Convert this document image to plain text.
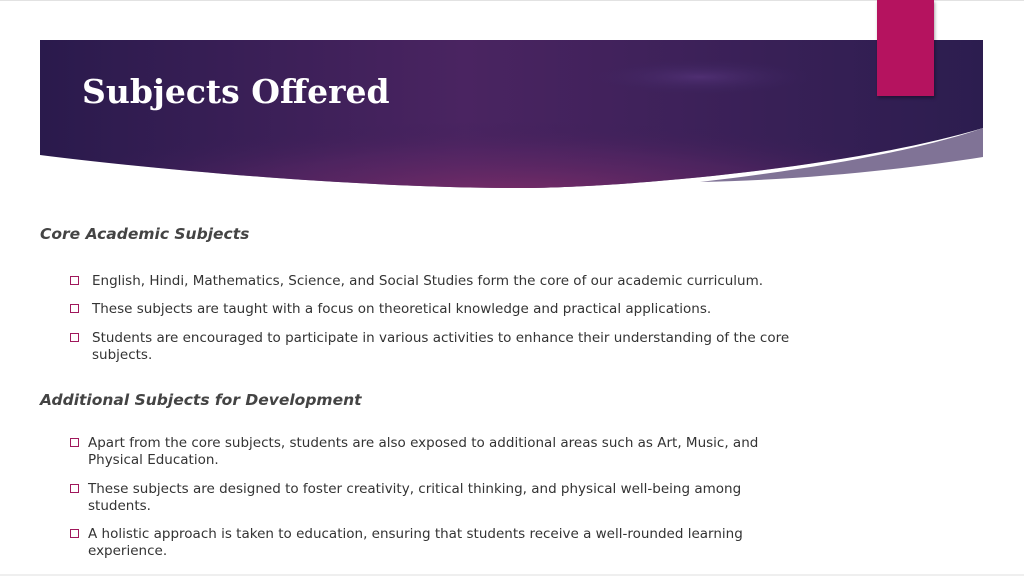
Subjects Offered
Core Academic Subjects
English, Hindi, Mathematics, Science, and Social Studies form the core of our academic curriculum.
These subjects are taught with a focus on theoretical knowledge and practical applications.
Students are encouraged to participate in various activities to enhance their understanding of the core subjects.
Additional Subjects for Development
Apart from the core subjects, students are also exposed to additional areas such as Art, Music, and Physical Education.
These subjects are designed to foster creativity, critical thinking, and physical well-being among students.
A holistic approach is taken to education, ensuring that students receive a well-rounded learning experience.
